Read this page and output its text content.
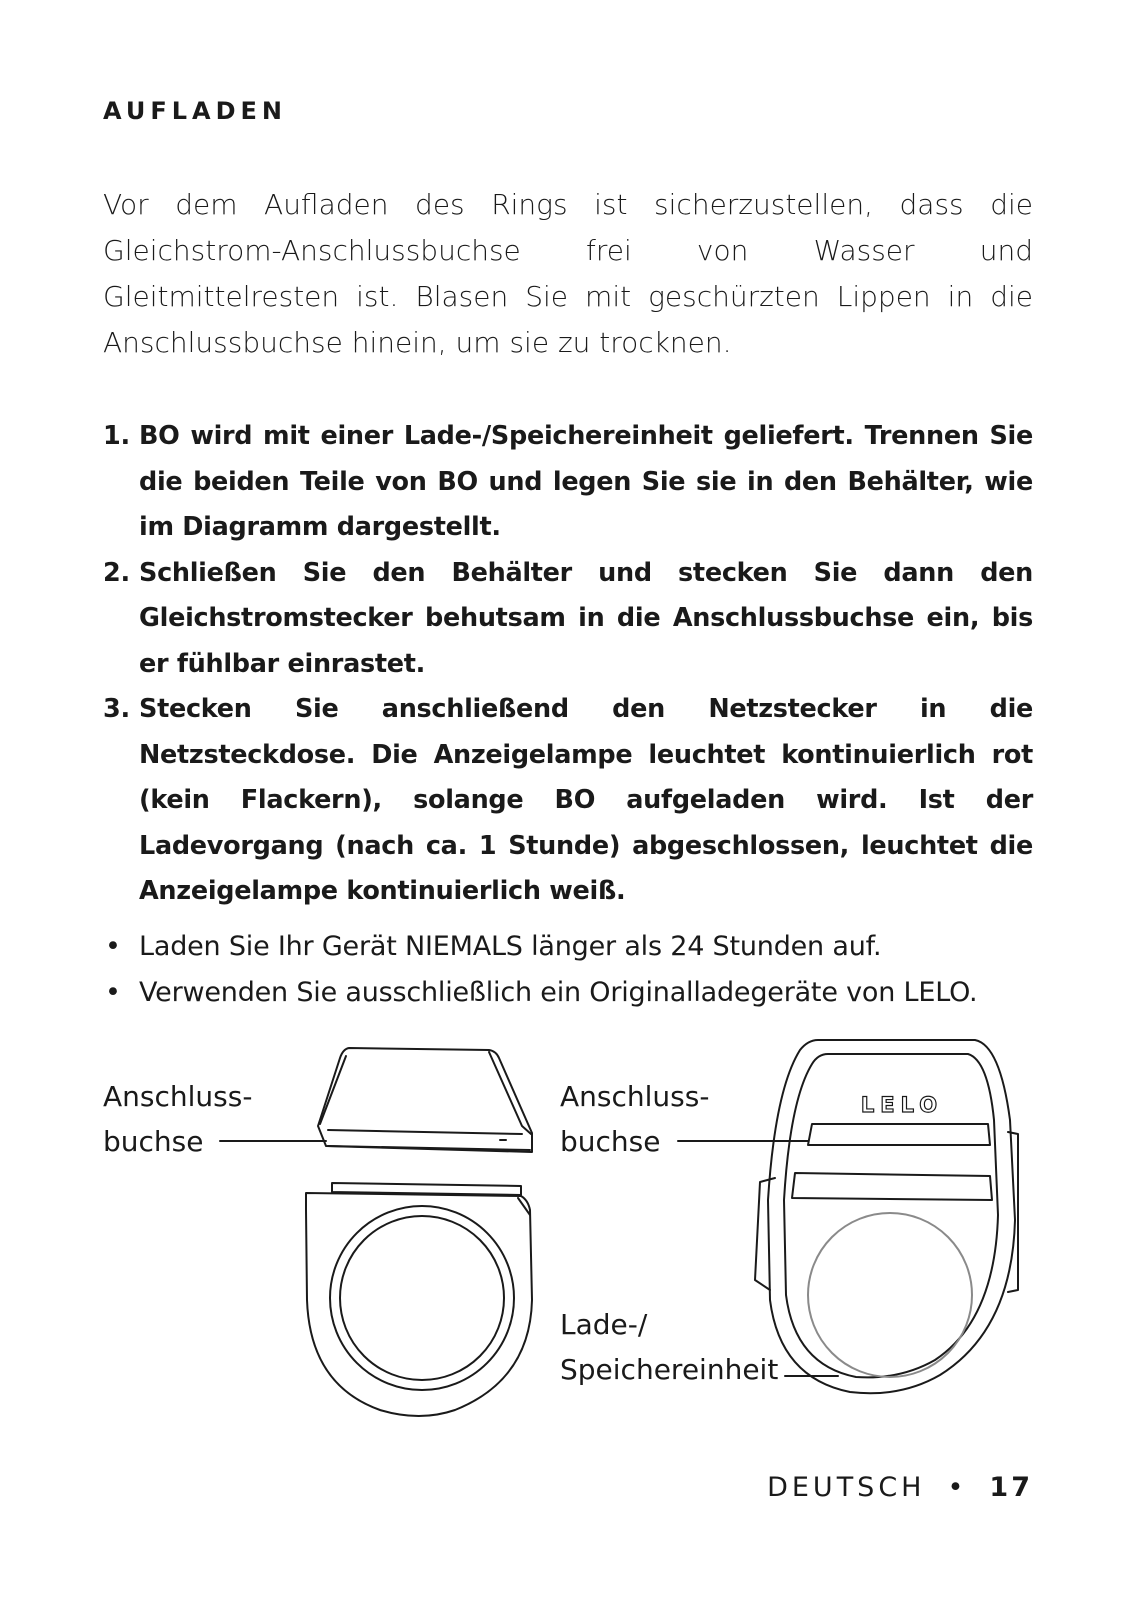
AUFLADEN
Vor dem Aufladen des Rings ist sicherzustellen, dass die Gleichstrom-Anschlussbuchse frei von Wasser und Gleitmittelresten ist. Blasen Sie mit geschürzten Lippen in die Anschlussbuchse hinein, um sie zu trocknen.
1. BO wird mit einer Lade-/Speichereinheit geliefert. Trennen Sie die beiden Teile von BO und legen Sie sie in den Behälter, wie im Diagramm dargestellt.
2. Schließen Sie den Behälter und stecken Sie dann den Gleichstromstecker behutsam in die Anschlussbuchse ein, bis er fühlbar einrastet.
3. Stecken Sie anschließend den Netzstecker in die Netzsteckdose. Die Anzeigelampe leuchtet kontinuierlich rot (kein Flackern), solange BO aufgeladen wird. Ist der Ladevorgang (nach ca. 1 Stunde) abgeschlossen, leuchtet die Anzeigelampe kontinuierlich weiß.
• Laden Sie Ihr Gerät NIEMALS länger als 24 Stunden auf.
• Verwenden Sie ausschließlich ein Originalladegeräte von LELO.
LELO
Anschluss-
buchse
Anschluss-
buchse
Lade-/
Speichereinheit
DEUTSCH • 17
